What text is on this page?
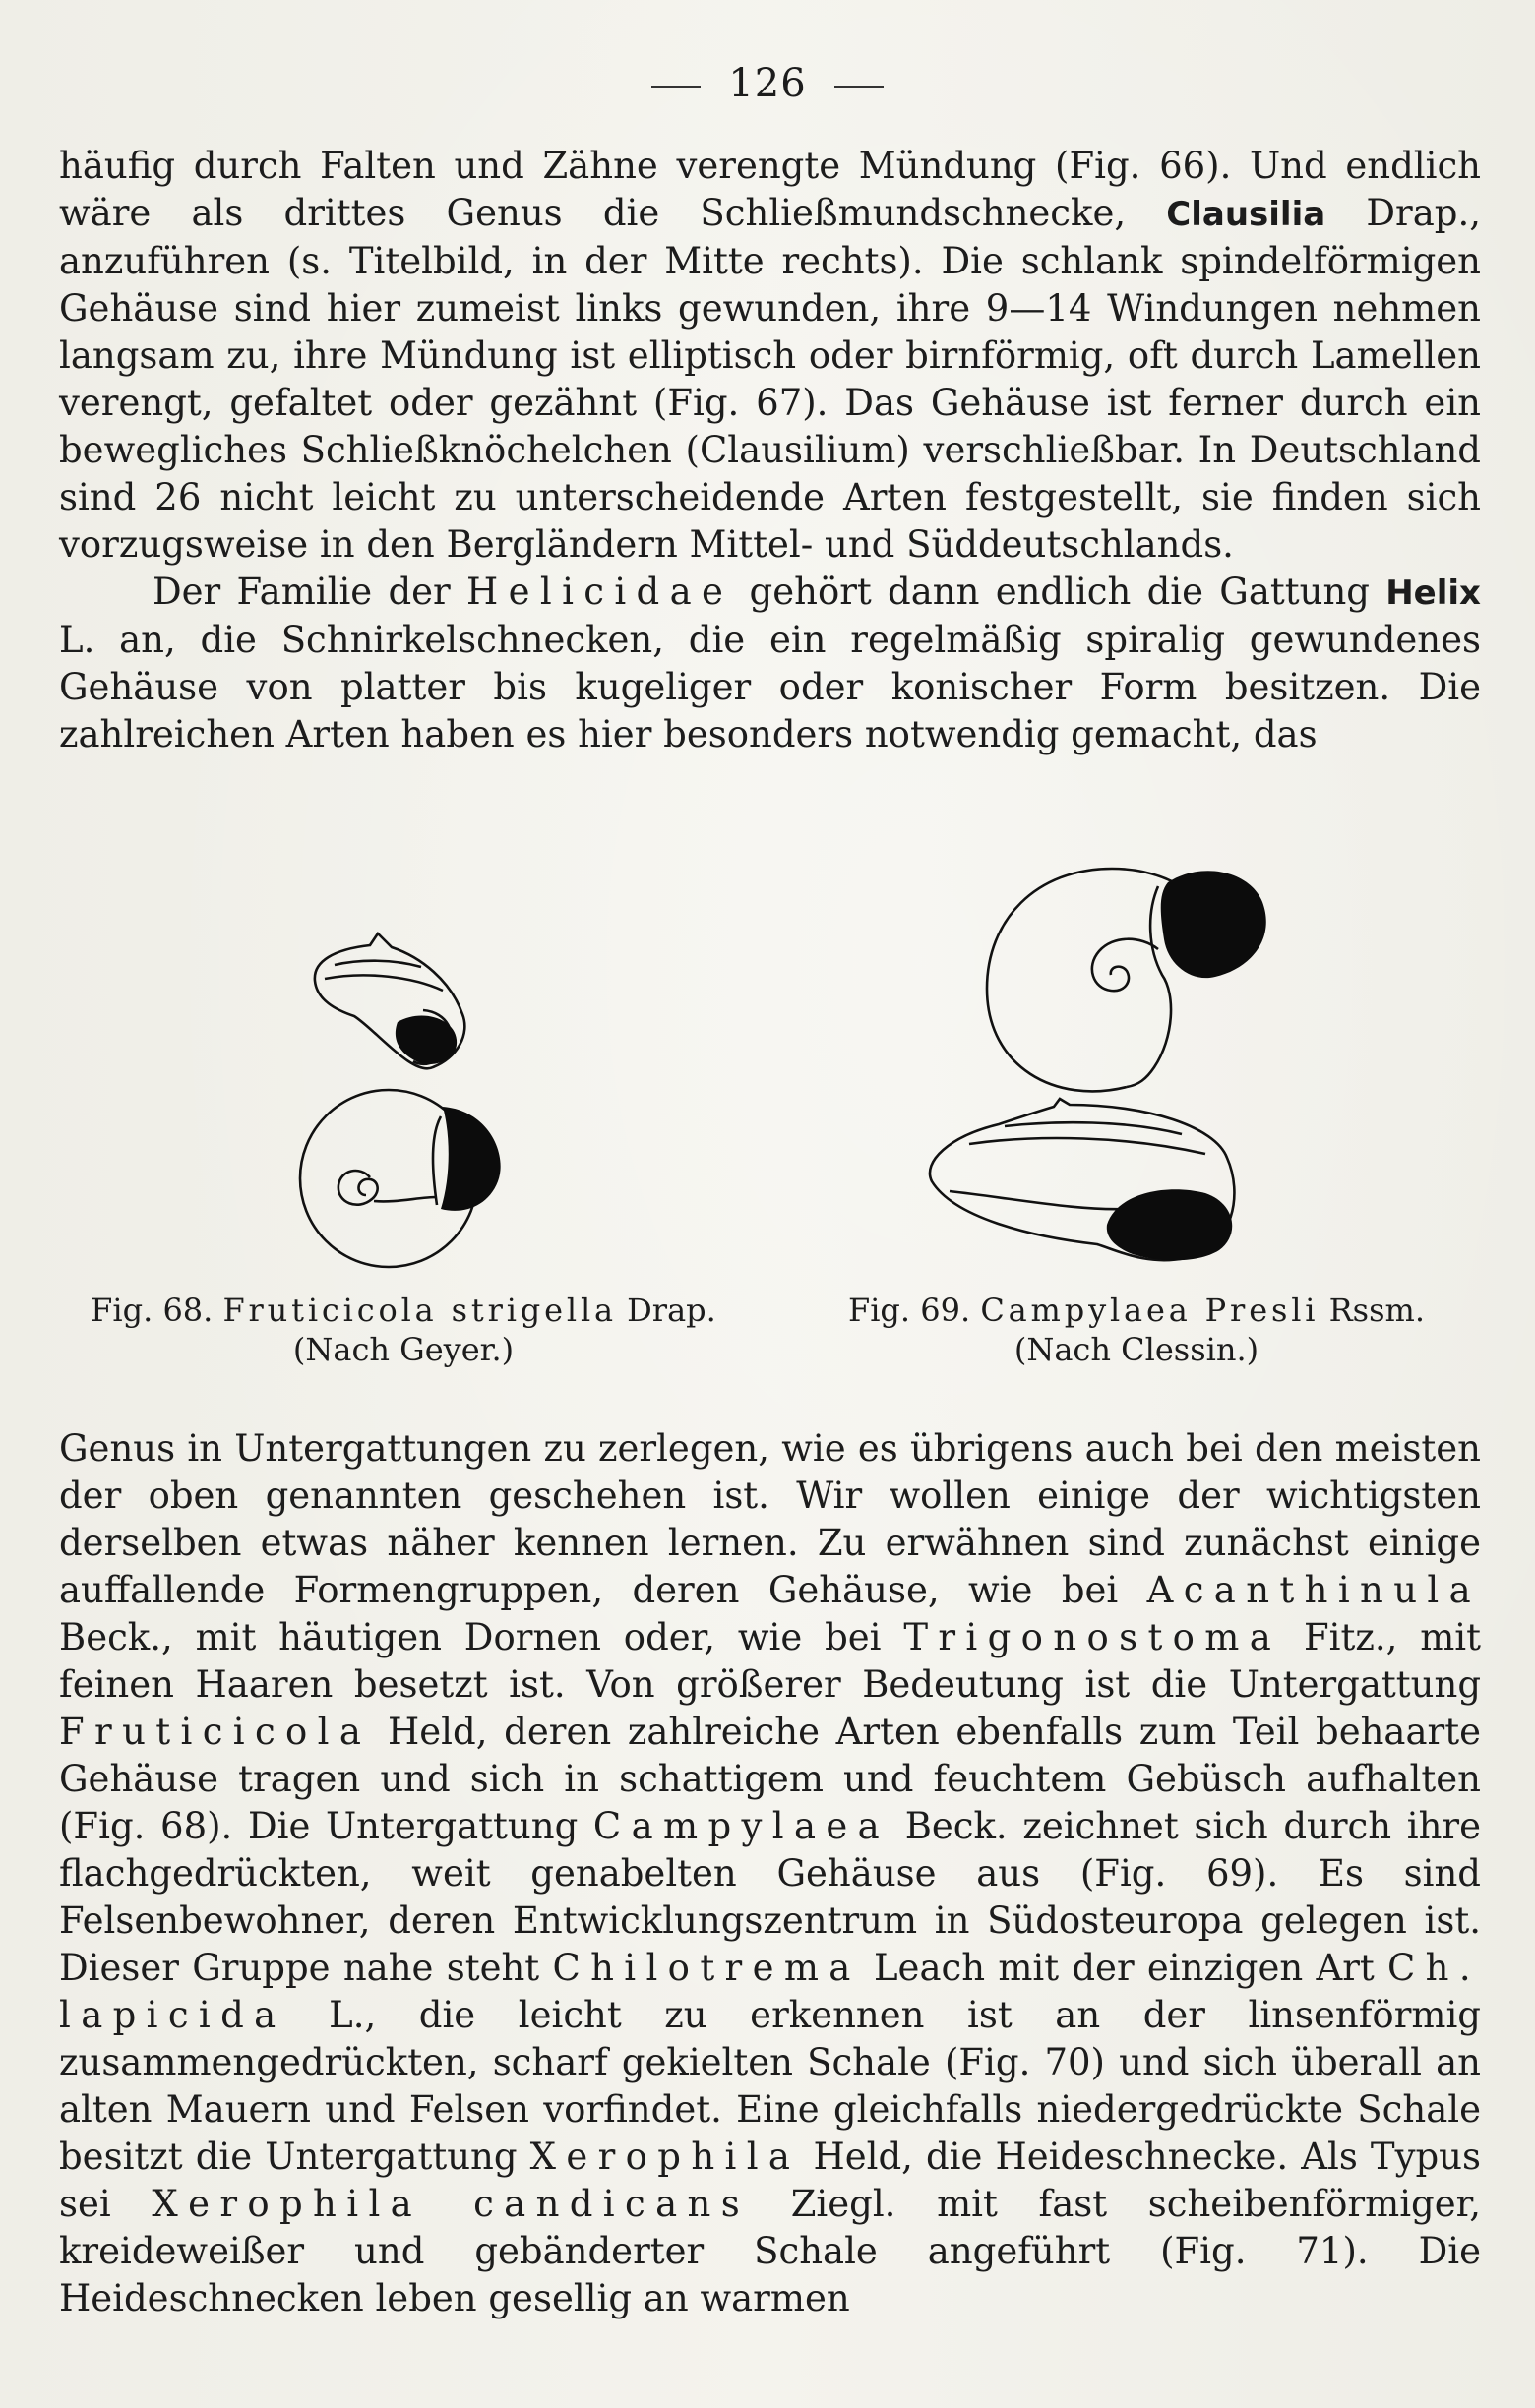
126

häufig durch Falten und Zähne verengte Mündung (Fig. 66). Und endlich wäre als drittes Genus die Schließmundschnecke, Clausilia Drap., anzuführen (s. Titelbild, in der Mitte rechts). Die schlank spindelförmigen Gehäuse sind hier zumeist links gewunden, ihre 9—14 Windungen nehmen langsam zu, ihre Mündung ist elliptisch oder birnförmig, oft durch Lamellen verengt, gefaltet oder gezähnt (Fig. 67). Das Gehäuse ist ferner durch ein bewegliches Schließknöchelchen (Clausilium) verschließbar. In Deutschland sind 26 nicht leicht zu unterscheidende Arten festgestellt, sie finden sich vorzugsweise in den Bergländern Mittel- und Süddeutschlands.

Der Familie der Helicidae gehört dann endlich die Gattung Helix L. an, die Schnirkelschnecken, die ein regelmäßig spiralig gewundenes Gehäuse von platter bis kugeliger oder konischer Form besitzen. Die zahlreichen Arten haben es hier besonders notwendig gemacht, das

Fig. 68. Fruticicola strigella Drap.
(Nach Geyer.)
Fig. 69. Campylaea Presli Rssm.
(Nach Clessin.)

Genus in Untergattungen zu zerlegen, wie es übrigens auch bei den meisten der oben genannten geschehen ist. Wir wollen einige der wichtigsten derselben etwas näher kennen lernen. Zu erwähnen sind zunächst einige auffallende Formengruppen, deren Gehäuse, wie bei Acanthinula Beck., mit häutigen Dornen oder, wie bei Trigonostoma Fitz., mit feinen Haaren besetzt ist. Von größerer Bedeutung ist die Untergattung Fruticicola Held, deren zahlreiche Arten ebenfalls zum Teil behaarte Gehäuse tragen und sich in schattigem und feuchtem Gebüsch aufhalten (Fig. 68). Die Untergattung Campylaea Beck. zeichnet sich durch ihre flachgedrückten, weit genabelten Gehäuse aus (Fig. 69). Es sind Felsenbewohner, deren Entwicklungszentrum in Südosteuropa gelegen ist. Dieser Gruppe nahe steht Chilotrema Leach mit der einzigen Art Ch. lapicida L., die leicht zu erkennen ist an der linsenförmig zusammengedrückten, scharf gekielten Schale (Fig. 70) und sich überall an alten Mauern und Felsen vorfindet. Eine gleichfalls niedergedrückte Schale besitzt die Untergattung Xerophila Held, die Heideschnecke. Als Typus sei Xerophila candicans Ziegl. mit fast scheibenförmiger, kreideweißer und gebänderter Schale angeführt (Fig. 71). Die Heideschnecken leben gesellig an warmen
